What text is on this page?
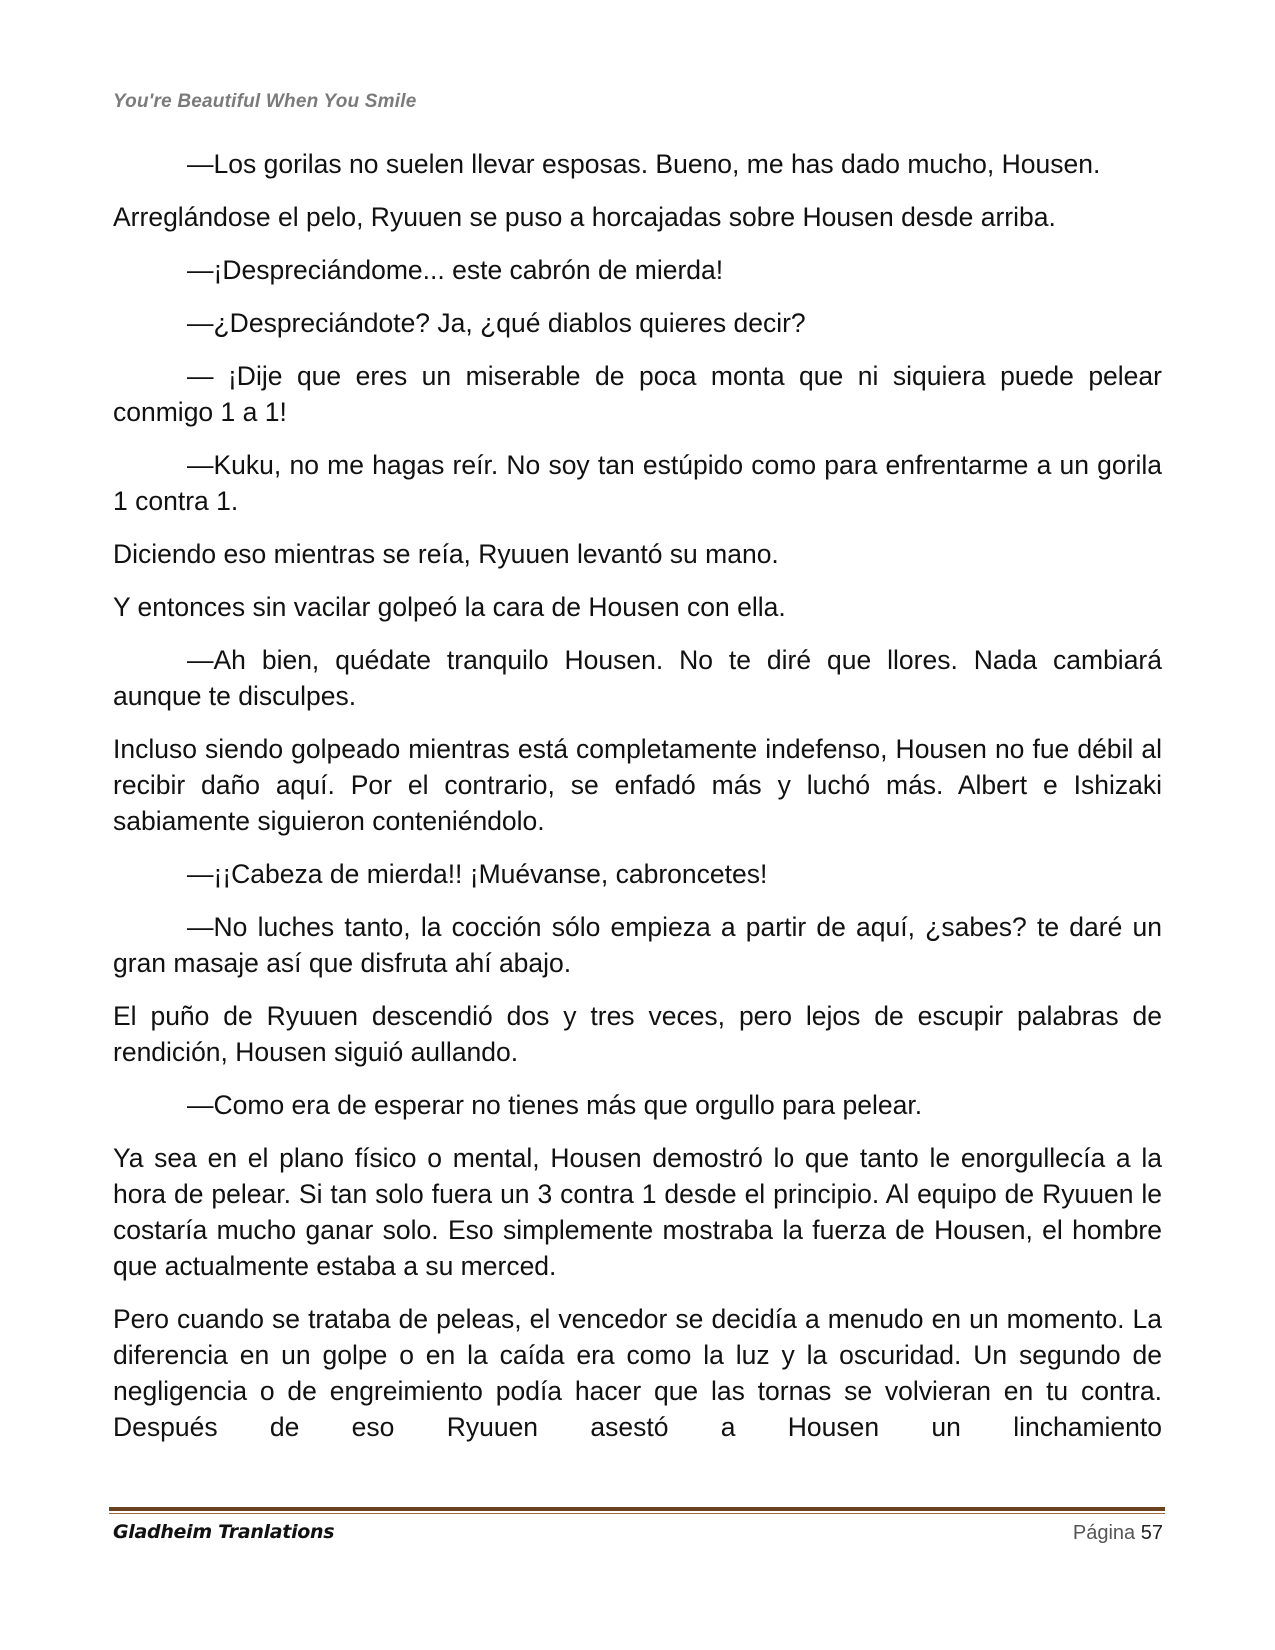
You're Beautiful When You Smile

—Los gorilas no suelen llevar esposas. Bueno, me has dado mucho, Housen.

Arreglándose el pelo, Ryuuen se puso a horcajadas sobre Housen desde arriba.

—¡Despreciándome... este cabrón de mierda!

—¿Despreciándote? Ja, ¿qué diablos quieres decir?

— ¡Dije que eres un miserable de poca monta que ni siquiera puede pelear conmigo 1 a 1!

—Kuku, no me hagas reír. No soy tan estúpido como para enfrentarme a un gorila 1 contra 1.

Diciendo eso mientras se reía, Ryuuen levantó su mano.

Y entonces sin vacilar golpeó la cara de Housen con ella.

—Ah bien, quédate tranquilo Housen. No te diré que llores. Nada cambiará aunque te disculpes.

Incluso siendo golpeado mientras está completamente indefenso, Housen no fue débil al recibir daño aquí. Por el contrario, se enfadó más y luchó más. Albert e Ishizaki sabiamente siguieron conteniéndolo.

—¡¡Cabeza de mierda!! ¡Muévanse, cabroncetes!

—No luches tanto, la cocción sólo empieza a partir de aquí, ¿sabes? te daré un gran masaje así que disfruta ahí abajo.

El puño de Ryuuen descendió dos y tres veces, pero lejos de escupir palabras de rendición, Housen siguió aullando.

—Como era de esperar no tienes más que orgullo para pelear.

Ya sea en el plano físico o mental, Housen demostró lo que tanto le enorgullecía a la hora de pelear. Si tan solo fuera un 3 contra 1 desde el principio. Al equipo de Ryuuen le costaría mucho ganar solo. Eso simplemente mostraba la fuerza de Housen, el hombre que actualmente estaba a su merced.

Pero cuando se trataba de peleas, el vencedor se decidía a menudo en un momento. La diferencia en un golpe o en la caída era como la luz y la oscuridad. Un segundo de negligencia o de engreimiento podía hacer que las tornas se volvieran en tu contra. Después de eso Ryuuen asestó a Housen un linchamiento

Gladheim Tranlations	Página 57
